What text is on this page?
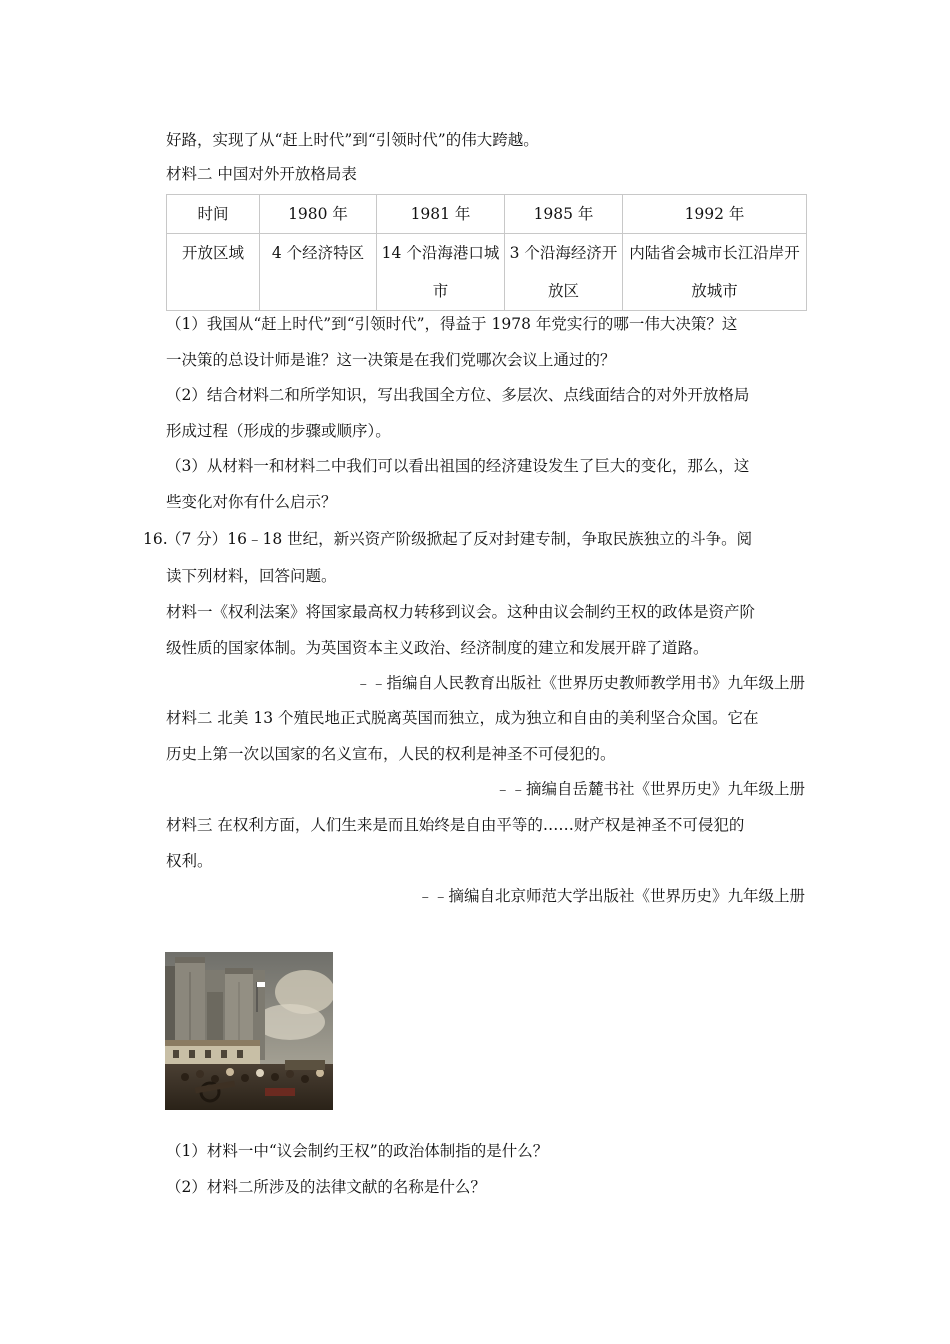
好路，实现了从“赶上时代”到“引领时代”的伟大跨越。
材料二 中国对外开放格局表
时间	1980 年	1981 年	1985 年	1992 年
开放区域	4 个经济特区	14 个沿海港口城市	3 个沿海经济开放区	内陆省会城市长江沿岸开放城市
（1）我国从“赶上时代”到“引领时代”，得益于 1978 年党实行的哪一伟大决策？这
一决策的总设计师是谁？这一决策是在我们党哪次会议上通过的？
（2）结合材料二和所学知识，写出我国全方位、多层次、点线面结合的对外开放格局
形成过程（形成的步骤或顺序）。
（3）从材料一和材料二中我们可以看出祖国的经济建设发生了巨大的变化，那么，这
些变化对你有什么启示？
16.
（7 分）16﹣18 世纪，新兴资产阶级掀起了反对封建专制，争取民族独立的斗争。阅
读下列材料，回答问题。
材料一《权利法案》将国家最高权力转移到议会。这种由议会制约王权的政体是资产阶
级性质的国家体制。为英国资本主义政治、经济制度的建立和发展开辟了道路。
﹣﹣指编自人民教育出版社《世界历史教师教学用书》九年级上册
材料二 北美 13 个殖民地正式脱离英国而独立，成为独立和自由的美利坚合众国。它在
历史上第一次以国家的名义宣布，人民的权利是神圣不可侵犯的。
﹣﹣摘编自岳麓书社《世界历史》九年级上册
材料三 在权利方面，人们生来是而且始终是自由平等的……财产权是神圣不可侵犯的
权利。
﹣﹣摘编自北京师范大学出版社《世界历史》九年级上册
（1）材料一中“议会制约王权”的政治体制指的是什么？
（2）材料二所涉及的法律文献的名称是什么？
